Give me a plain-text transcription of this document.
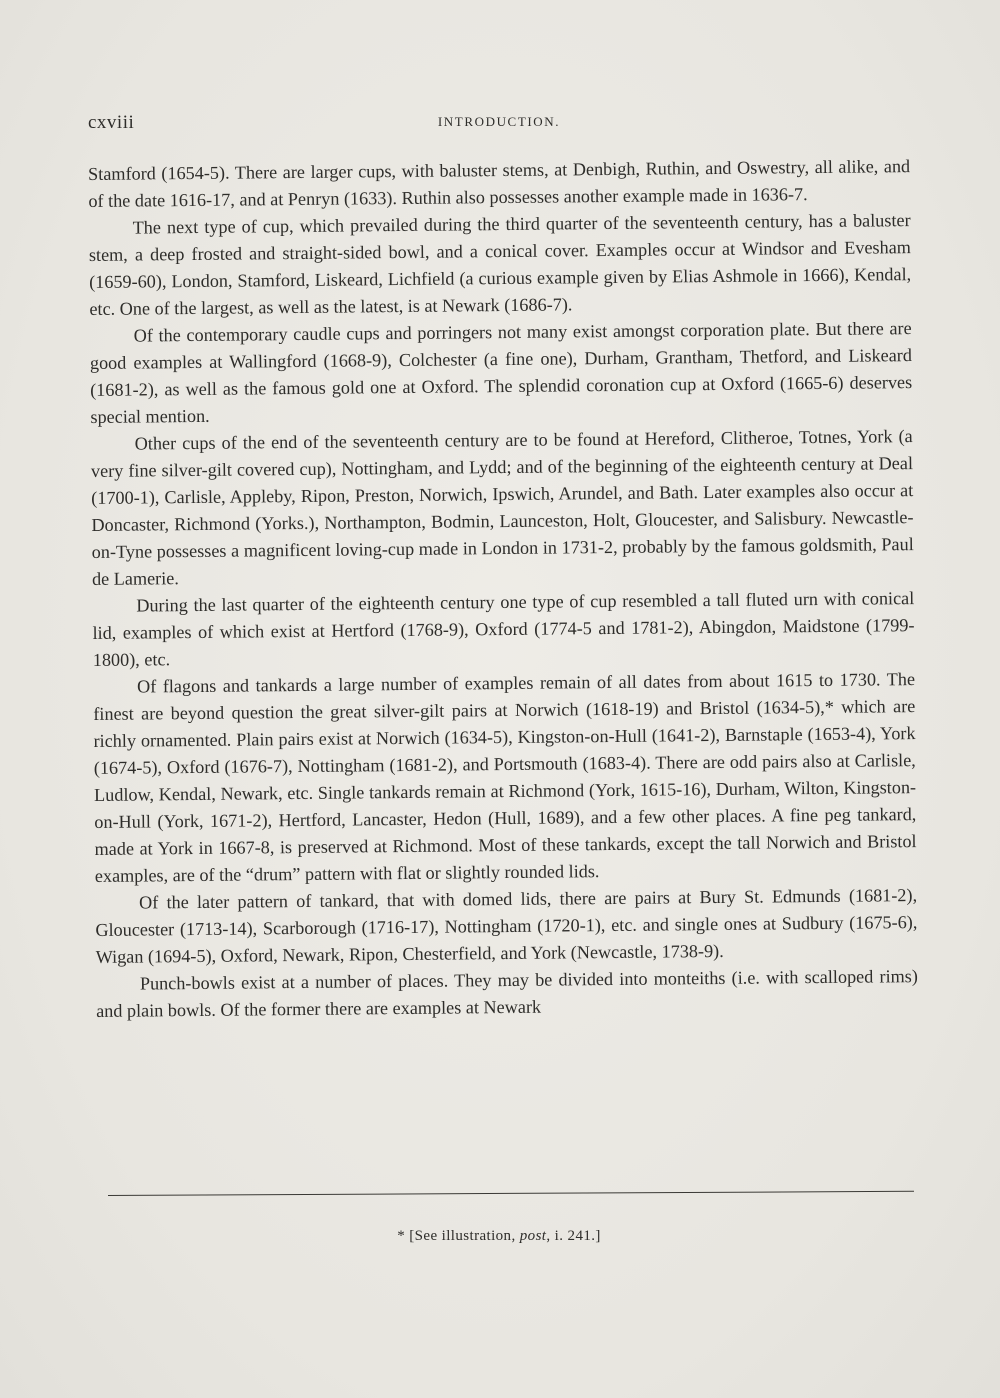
cxviii	INTRODUCTION.

Stamford (1654-5). There are larger cups, with baluster stems, at Denbigh, Ruthin, and Oswestry, all alike, and of the date 1616-17, and at Penryn (1633). Ruthin also possesses another example made in 1636-7.

The next type of cup, which prevailed during the third quarter of the seventeenth century, has a baluster stem, a deep frosted and straight-sided bowl, and a conical cover. Examples occur at Windsor and Evesham (1659-60), London, Stamford, Liskeard, Lichfield (a curious example given by Elias Ashmole in 1666), Kendal, etc. One of the largest, as well as the latest, is at Newark (1686-7).

Of the contemporary caudle cups and porringers not many exist amongst corporation plate. But there are good examples at Wallingford (1668-9), Colchester (a fine one), Durham, Grantham, Thetford, and Liskeard (1681-2), as well as the famous gold one at Oxford. The splendid coronation cup at Oxford (1665-6) deserves special mention.

Other cups of the end of the seventeenth century are to be found at Hereford, Clitheroe, Totnes, York (a very fine silver-gilt covered cup), Nottingham, and Lydd; and of the beginning of the eighteenth century at Deal (1700-1), Carlisle, Appleby, Ripon, Preston, Norwich, Ipswich, Arundel, and Bath. Later examples also occur at Doncaster, Richmond (Yorks.), Northampton, Bodmin, Launceston, Holt, Gloucester, and Salisbury. Newcastle-on-Tyne possesses a magnificent loving-cup made in London in 1731-2, probably by the famous goldsmith, Paul de Lamerie.

During the last quarter of the eighteenth century one type of cup resembled a tall fluted urn with conical lid, examples of which exist at Hertford (1768-9), Oxford (1774-5 and 1781-2), Abingdon, Maidstone (1799-1800), etc.

Of flagons and tankards a large number of examples remain of all dates from about 1615 to 1730. The finest are beyond question the great silver-gilt pairs at Norwich (1618-19) and Bristol (1634-5),* which are richly ornamented. Plain pairs exist at Norwich (1634-5), Kingston-on-Hull (1641-2), Barnstaple (1653-4), York (1674-5), Oxford (1676-7), Nottingham (1681-2), and Portsmouth (1683-4). There are odd pairs also at Carlisle, Ludlow, Kendal, Newark, etc. Single tankards remain at Richmond (York, 1615-16), Durham, Wilton, Kingston-on-Hull (York, 1671-2), Hertford, Lancaster, Hedon (Hull, 1689), and a few other places. A fine peg tankard, made at York in 1667-8, is preserved at Richmond. Most of these tankards, except the tall Norwich and Bristol examples, are of the “drum” pattern with flat or slightly rounded lids.

Of the later pattern of tankard, that with domed lids, there are pairs at Bury St. Edmunds (1681-2), Gloucester (1713-14), Scarborough (1716-17), Nottingham (1720-1), etc. and single ones at Sudbury (1675-6), Wigan (1694-5), Oxford, Newark, Ripon, Chesterfield, and York (Newcastle, 1738-9).

Punch-bowls exist at a number of places. They may be divided into monteiths (i.e. with scalloped rims) and plain bowls. Of the former there are examples at Newark

* [See illustration, post, i. 241.]
